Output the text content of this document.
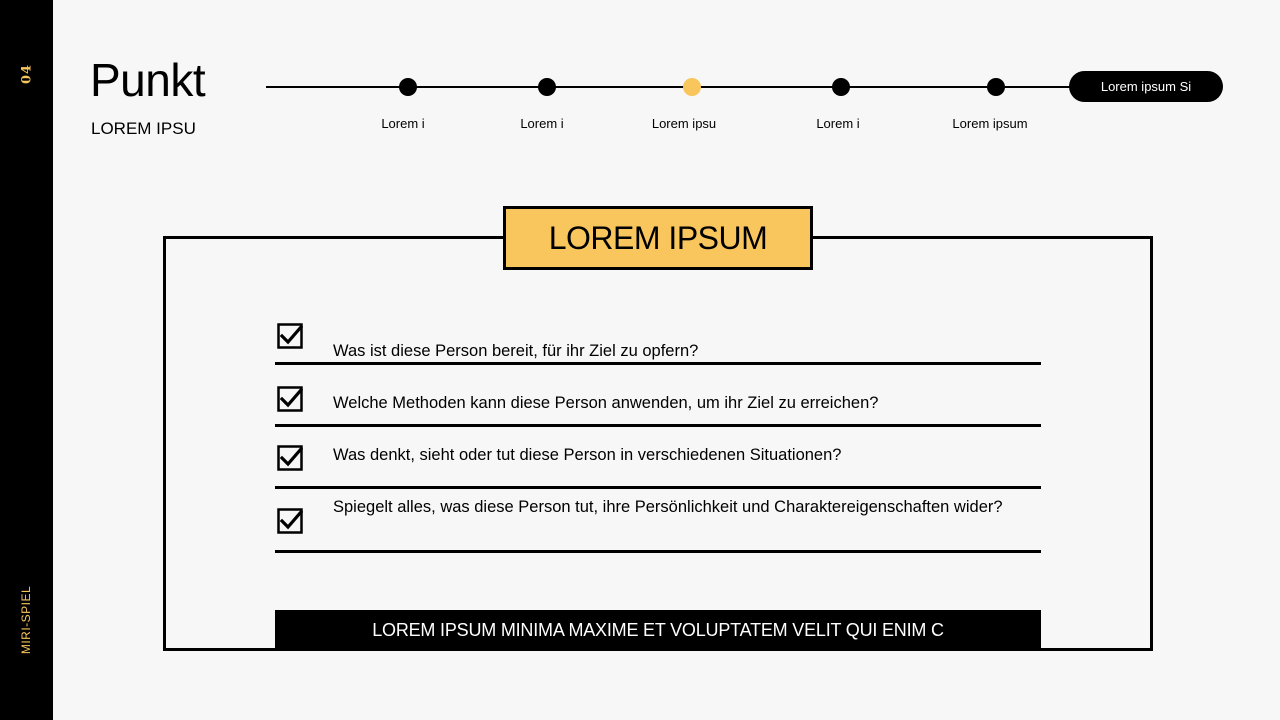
04
MIRI-SPIEL
Punkt
LOREM IPSU	Lorem i	Lorem i	Lorem ipsu	Lorem i	Lorem ipsum
Lorem ipsum Si
LOREM IPSUM
Was ist diese Person bereit, für ihr Ziel zu opfern?
Welche Methoden kann diese Person anwenden, um ihr Ziel zu erreichen?
Was denkt, sieht oder tut diese Person in verschiedenen Situationen?
Spiegelt alles, was diese Person tut, ihre Persönlichkeit und Charaktereigenschaften wider?
LOREM IPSUM MINIMA MAXIME ET VOLUPTATEM VELIT QUI ENIM C
